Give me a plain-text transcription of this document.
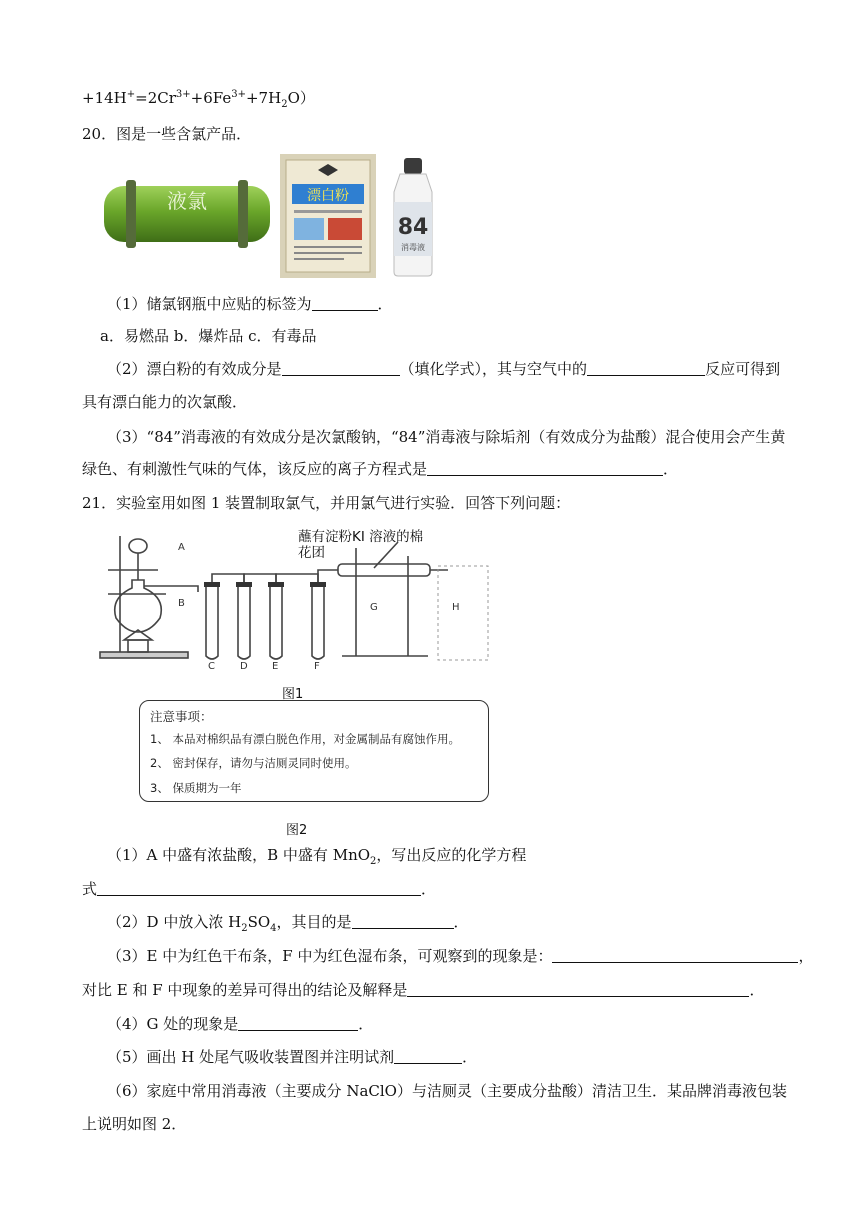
$+14H^+=2Cr^{3+}+6Fe^{3+}+7H_2O$）
20．图是一些含氯产品．
液氯	漂白粉
84
消毒液
（1）储氯钢瓶中应贴的标签为	．
a．易燃品 b．爆炸品 c．有毒品
（2）漂白粉的有效成分是	（填化学式），其与空气中的	反应可得到
具有漂白能力的次氯酸．
（3）“84”消毒液的有效成分是次氯酸钠，“84”消毒液与除垢剂（有效成分为盐酸）混合使用会产生黄
绿色、有刺激性气味的气体，该反应的离子方程式是	．
21．实验室用如图 1 装置制取氯气，并用氯气进行实验．回答下列问题：
A
B
C	D E	F
G	H
蘸有淀粉KI 溶液的棉花团
图1
注意事项：
1、 本品对棉织品有漂白脱色作用，对金属制品有腐蚀作用。
2、 密封保存，请勿与洁厕灵同时使用。
3、 保质期为一年
图2
（1）A 中盛有浓盐酸，B 中盛有 MnO$_2$，写出反应的化学方程
式	．
（2）D 中放入浓 $H_2SO_4$，其目的是	．
（3）E 中为红色干布条，F 中为红色湿布条，可观察到的现象是：	，
对比 E 和 F 中现象的差异可得出的结论及解释是	．
（4）G 处的现象是	．
（5）画出 H 处尾气吸收装置图并注明试剂	．
（6）家庭中常用消毒液（主要成分 NaClO）与洁厕灵（主要成分盐酸）清洁卫生．某品牌消毒液包装
上说明如图 2．
